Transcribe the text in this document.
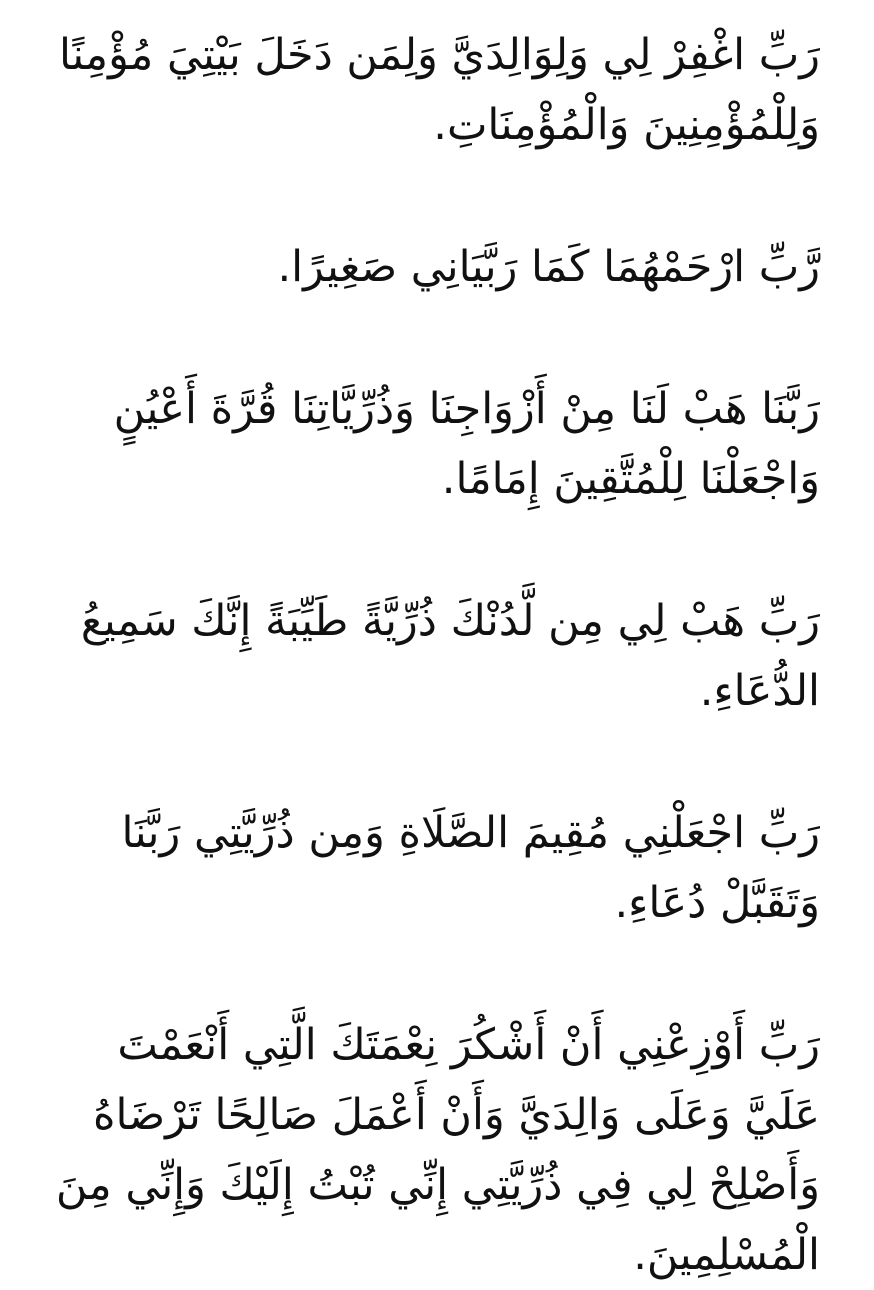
رَبِّ اغْفِرْ لِي وَلِوَالِدَيَّ وَلِمَن دَخَلَ بَيْتِيَ مُؤْمِنًا وَلِلْمُؤْمِنِينَ وَالْمُؤْمِنَاتِ.

رَّبِّ ارْحَمْهُمَا كَمَا رَبَّيَانِي صَغِيرًا.

رَبَّنَا هَبْ لَنَا مِنْ أَزْوَاجِنَا وَذُرِّيَّاتِنَا قُرَّةَ أَعْيُنٍ وَاجْعَلْنَا لِلْمُتَّقِينَ إِمَامًا.

رَبِّ هَبْ لِي مِن لَّدُنْكَ ذُرِّيَّةً طَيِّبَةً إِنَّكَ سَمِيعُ الدُّعَاءِ.

رَبِّ اجْعَلْنِي مُقِيمَ الصَّلَاةِ وَمِن ذُرِّيَّتِي رَبَّنَا وَتَقَبَّلْ دُعَاءِ.

رَبِّ أَوْزِعْنِي أَنْ أَشْكُرَ نِعْمَتَكَ الَّتِي أَنْعَمْتَ عَلَيَّ وَعَلَى وَالِدَيَّ وَأَنْ أَعْمَلَ صَالِحًا تَرْضَاهُ وَأَصْلِحْ لِي فِي ذُرِّيَّتِي إِنِّي تُبْتُ إِلَيْكَ وَإِنِّي مِنَ الْمُسْلِمِينَ.
